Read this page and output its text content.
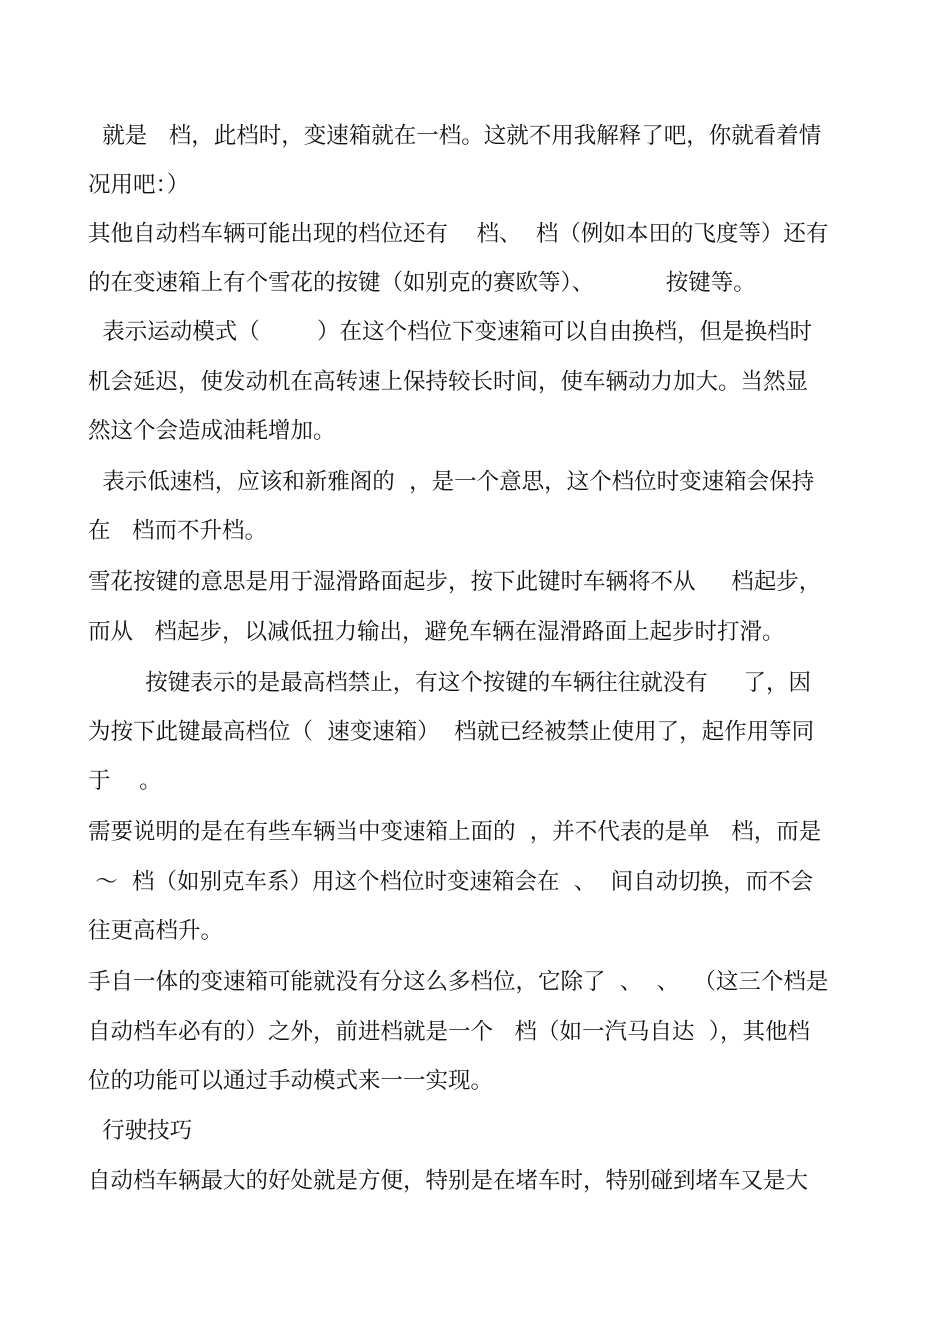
就是   档，此档时，变速箱就在一档。这就不用我解释了吧，你就看着情
况用吧：）
其他自动档车辆可能出现的档位还有    档、  档（例如本田的飞度等）还有
的在变速箱上有个雪花的按键（如别克的赛欧等）、          按键等。
表示运动模式（        ）在这个档位下变速箱可以自由换档，但是换档时
机会延迟，使发动机在高转速上保持较长时间，使车辆动力加大。当然显
然这个会造成油耗增加。
表示低速档，应该和新雅阁的  ，是一个意思，这个档位时变速箱会保持
在   档而不升档。
雪花按键的意思是用于湿滑路面起步，按下此键时车辆将不从     档起步，
而从   档起步，以减低扭力输出，避免车辆在湿滑路面上起步时打滑。
按键表示的是最高档禁止，有这个按键的车辆往往就没有     了，因
为按下此键最高档位（  速变速箱）  档就已经被禁止使用了，起作用等同
于    。
需要说明的是在有些车辆当中变速箱上面的  ，并不代表的是单   档，而是
～  档（如别克车系）用这个档位时变速箱会在  、  间自动切换，而不会
往更高档升。
手自一体的变速箱可能就没有分这么多档位，它除了  、  、  （这三个档是
自动档车必有的）之外，前进档就是一个   档（如一汽马自达  ），其他档
位的功能可以通过手动模式来一一实现。
行驶技巧
自动档车辆最大的好处就是方便，特别是在堵车时，特别碰到堵车又是大
